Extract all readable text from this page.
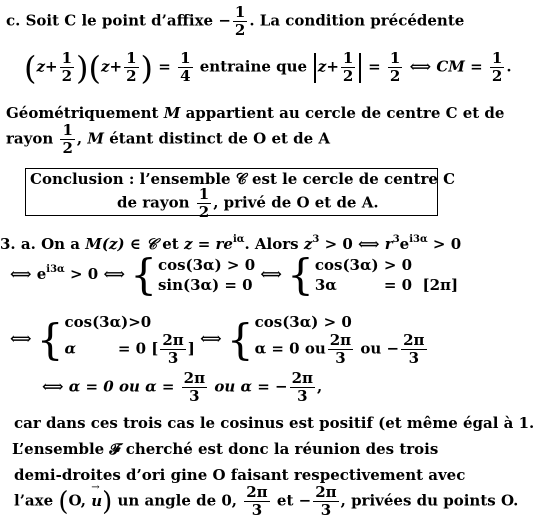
c. Soit C le point d’affixe − $\frac{1}{2}$ . La condition précédente
$(z+ \frac{1}{2} )(z+ \frac{1}{2}$ ) = $\frac{1}{4}$ entraine que $z+ \frac{1}{2} = \frac{1}{2}$ ⟺ CM = $\frac{1}{2}$ .
Géométriquement M appartient au cercle de centre C et de
rayon $\frac{1}{2}$ , M étant distinct de O et de A
Conclusion : l’ensemble 𝒞 est le cercle de centre C
de rayon $\frac{1}{2}$ , privé de O et de A.
3. a. On a M(z) ∈ 𝒞 et $z = re^{i\alpha}$. Alors $z^3 > 0$ ⟺ $r^3e^{i3\alpha} > 0$
⟺ $e^{i3\alpha} > 0$ ⟺ { cos(3α) > 0
sin(3α) = 0
⟺ { cos(3α) > 0
3α         = 0  [2π]
⟺ { cos(3α)>0
α	= 0 [ $\frac{2\pi}{3}$ ]
⟺ { cos(3α) > 0
α = 0 ou $\frac{2\pi}{3}$ ou − $\frac{2\pi}{3}$
⟺ α = 0 ou $\alpha = \frac{2\pi}{3}$ ou α = − $\frac{2\pi}{3}$ ,
car dans ces trois cas le cosinus est positif (et même égal à 1.
L’ensemble 𝓕 cherché est donc la réunion des trois
demi-droites d’ori gine O faisant respectivement avec
l’axe (O, → u) un angle de 0, $\frac{2\pi}{3}$ et − $\frac{2\pi}{3}$ , privées du points O.
